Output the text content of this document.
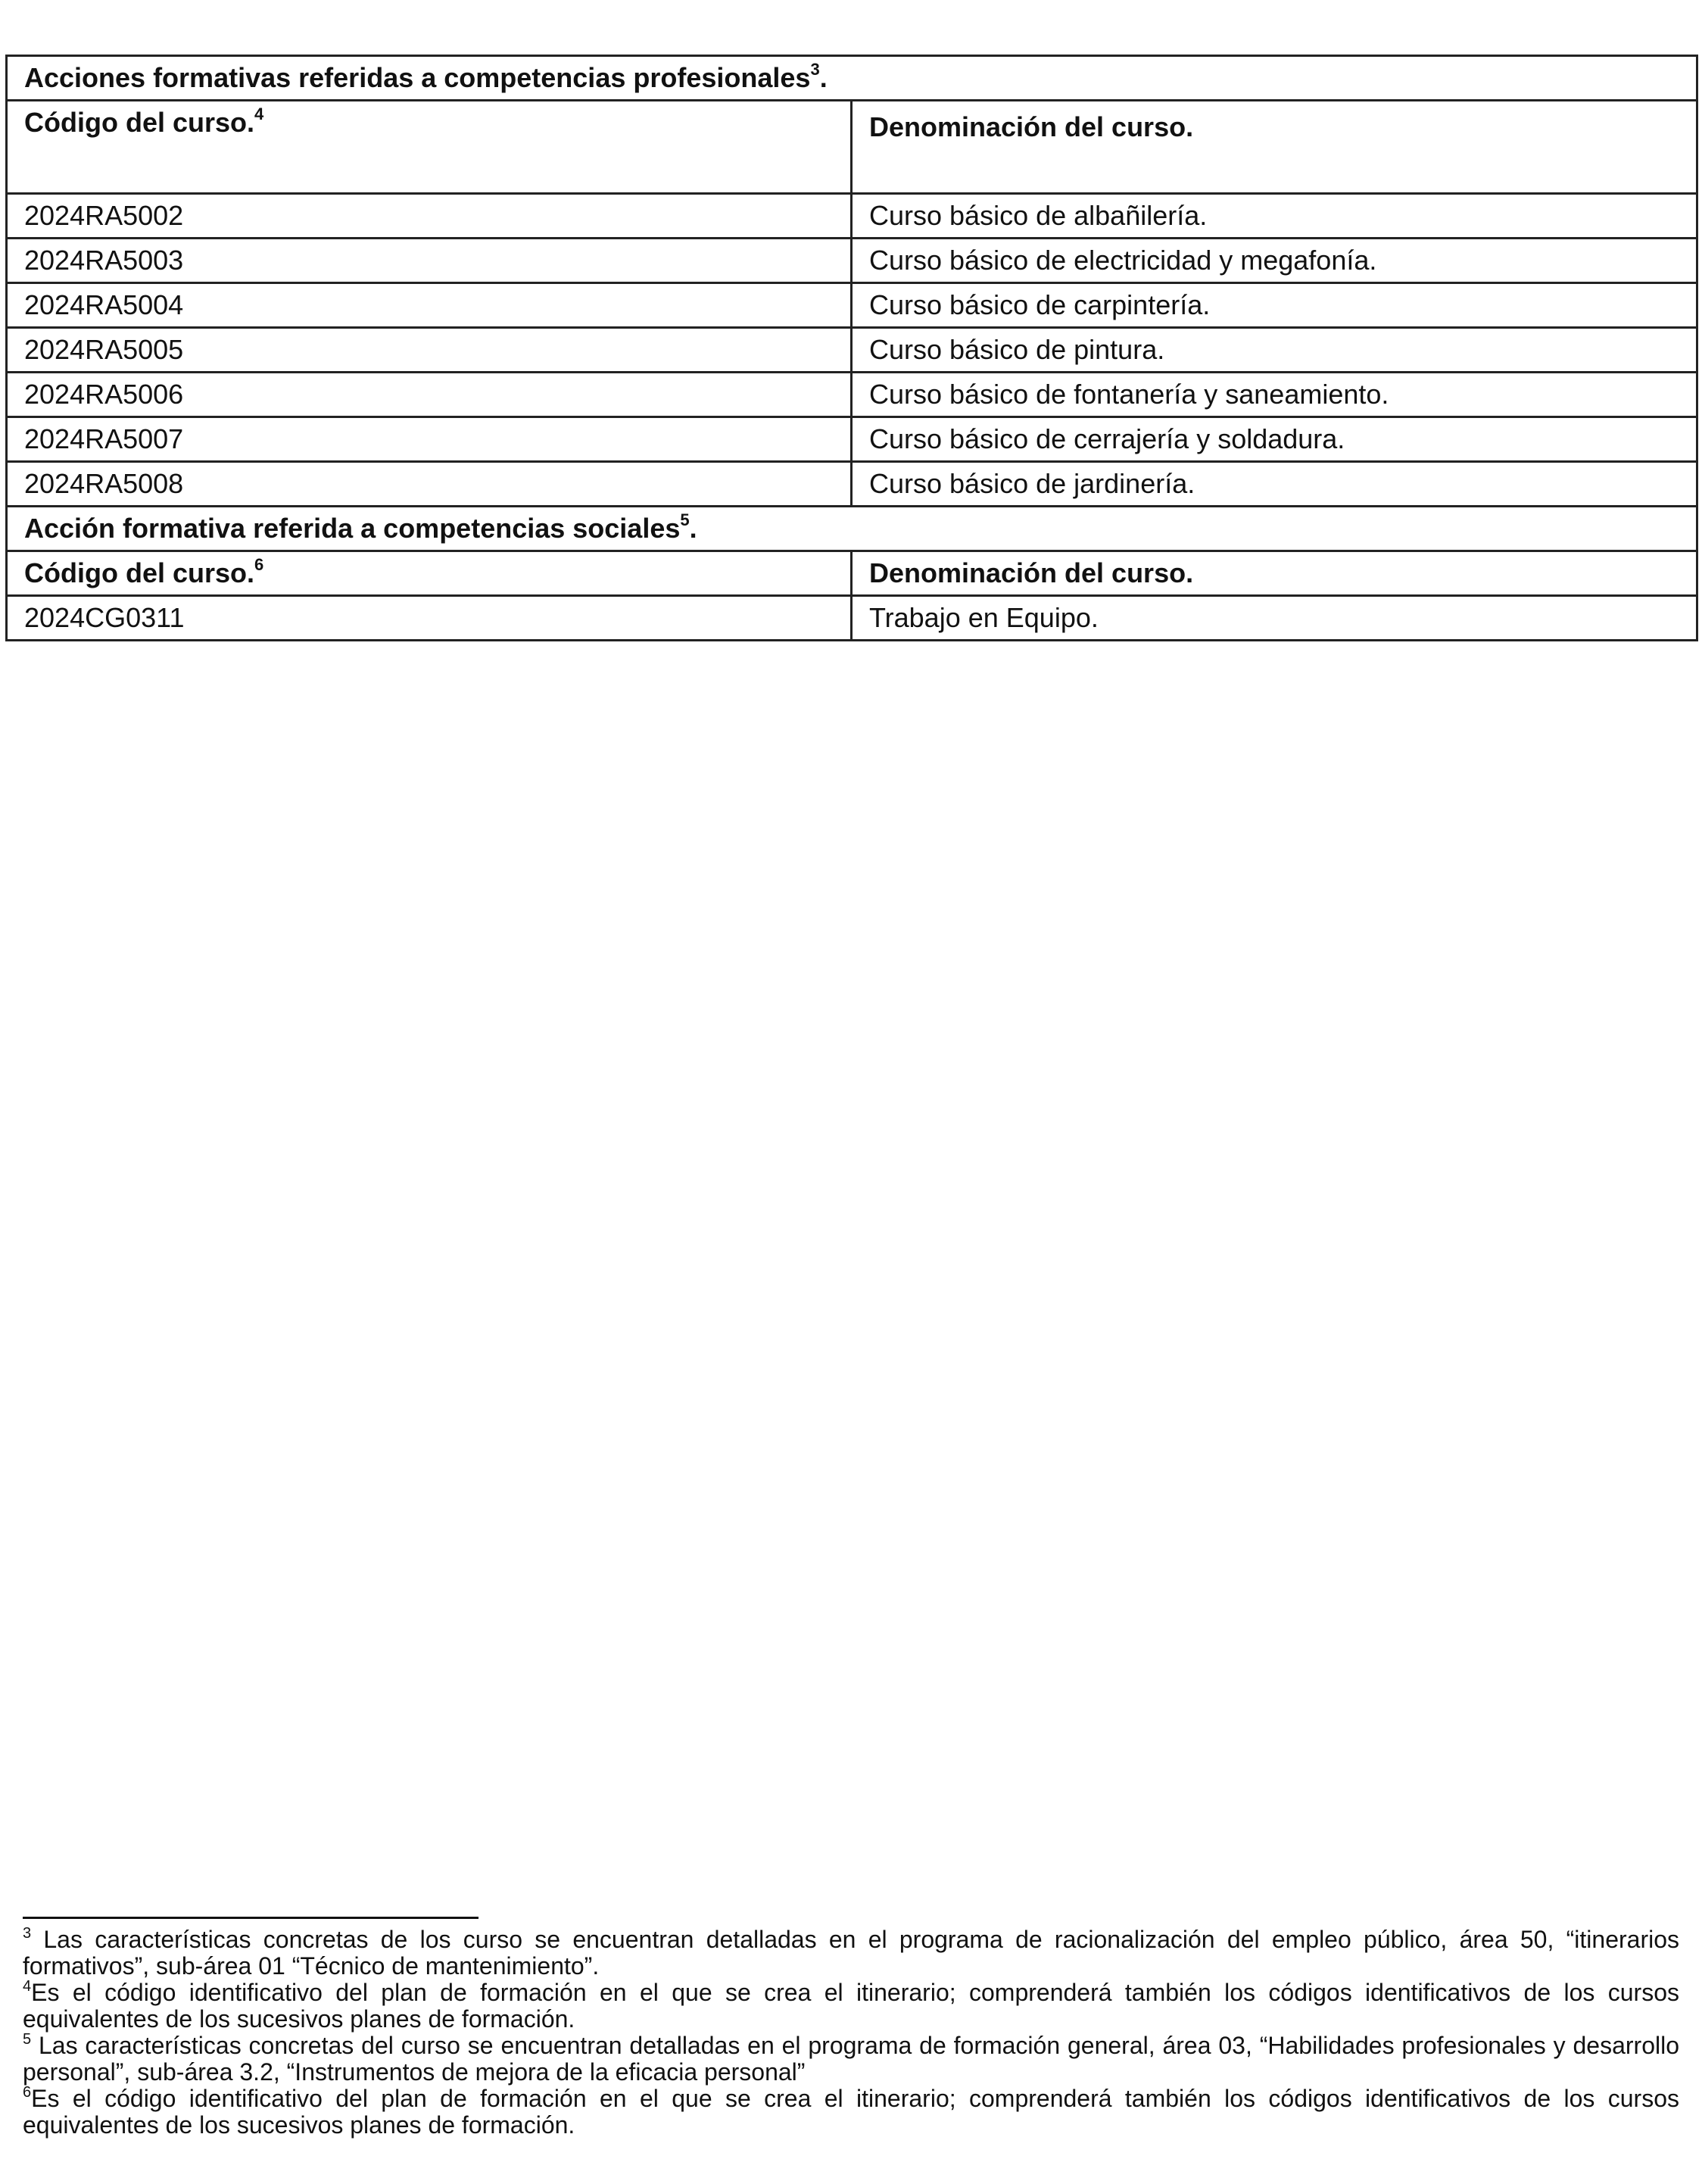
Acciones formativas referidas a competencias profesionales$^3$.	
Código del curso.$^4$	Denominación del curso.
2024RA5002	Curso básico de albañilería.
2024RA5003	Curso básico de electricidad y megafonía.
2024RA5004	Curso básico de carpintería.
2024RA5005	Curso básico de pintura.
2024RA5006	Curso básico de fontanería y saneamiento.
2024RA5007	Curso básico de cerrajería y soldadura.
2024RA5008	Curso básico de jardinería.
Acción formativa referida a competencias sociales$^5$.	
Código del curso.$^6$	Denominación del curso.
2024CG0311	Trabajo en Equipo.

$^3$ Las características concretas de los curso se encuentran detalladas en el programa de racionalización del empleo público, área 50, “itinerarios formativos”, sub-área 01 “Técnico de mantenimiento”.

$^4$Es el código identificativo del plan de formación en el que se crea el itinerario; comprenderá también los códigos identificativos de los cursos equivalentes de los sucesivos planes de formación.

$^5$ Las características concretas del curso se encuentran detalladas en el programa de formación general, área 03, “Habilidades profesionales y desarrollo personal”, sub-área 3.2, “Instrumentos de mejora de la eficacia personal”

$^6$Es el código identificativo del plan de formación en el que se crea el itinerario; comprenderá también los códigos identificativos de los cursos equivalentes de los sucesivos planes de formación.
